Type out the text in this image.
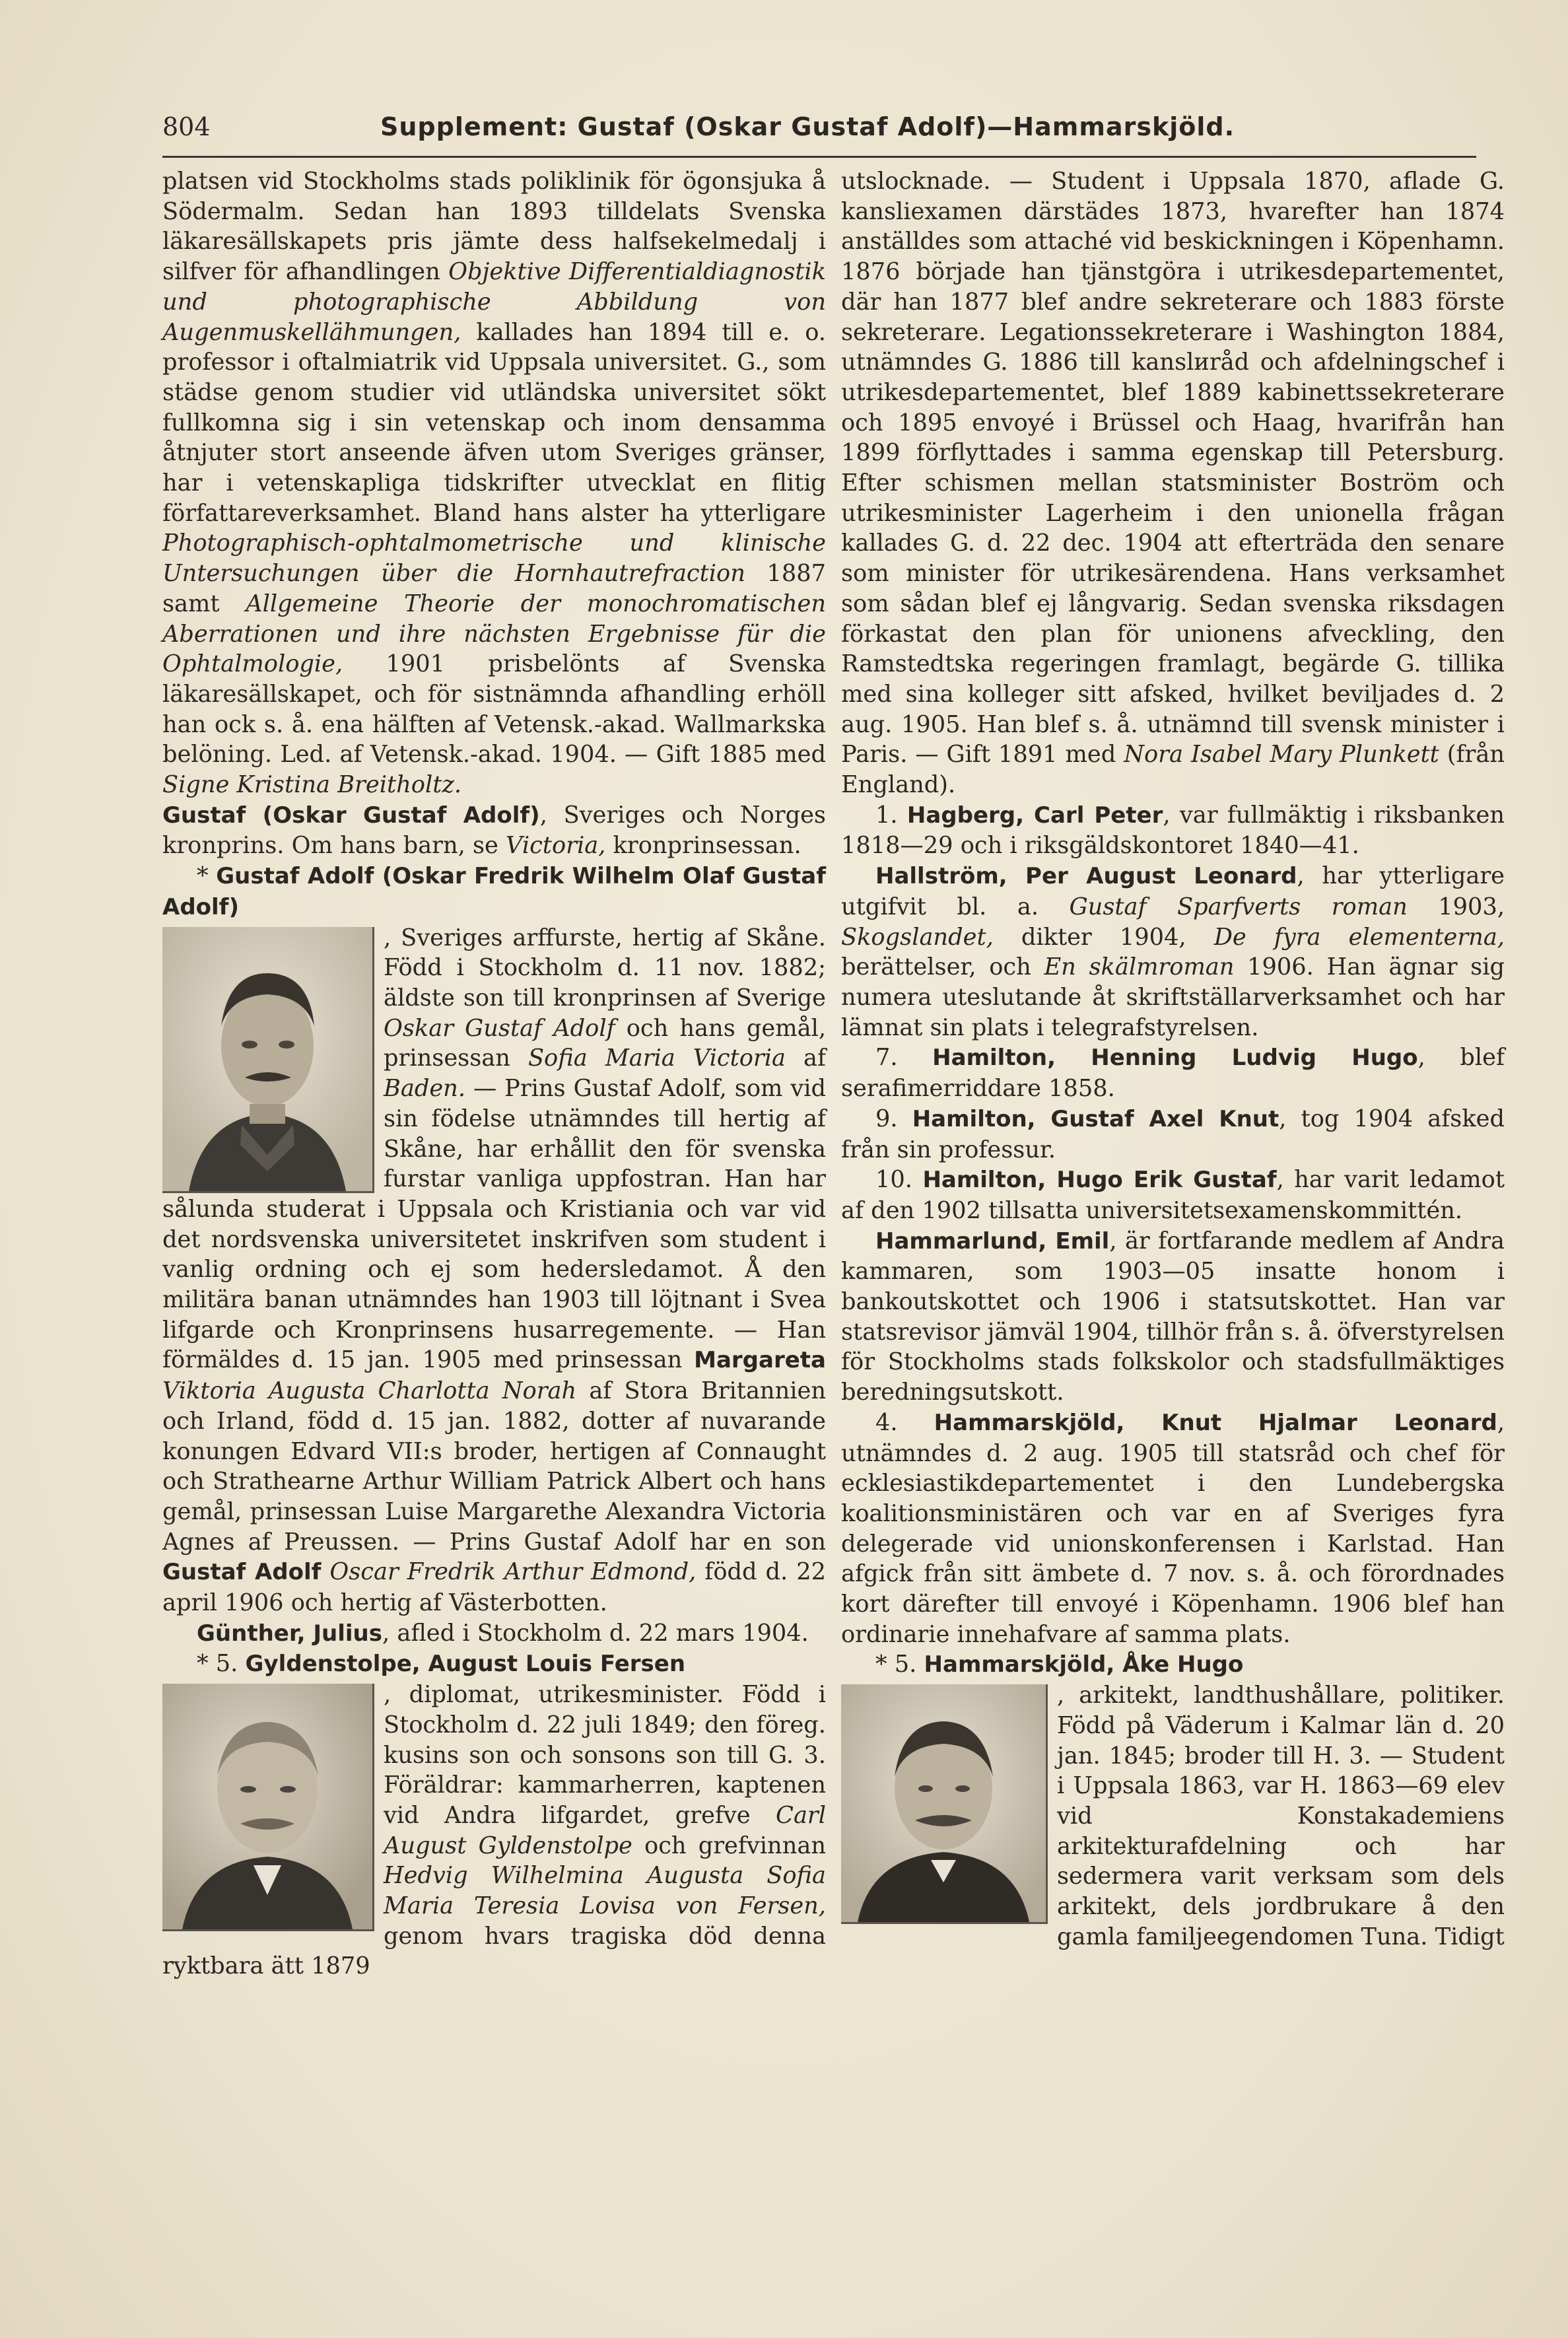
804	Supplement: Gustaf (Oskar Gustaf Adolf)—Hammarskjöld.

platsen vid Stockholms stads poliklinik för ögonsjuka å Södermalm. Sedan han 1893 tilldelats Svenska läkaresällskapets pris jämte dess halfsekelmedalj i silfver för afhandlingen Objektive Differentialdiagnostik und photographische Abbildung von Augenmuskellähmungen, kallades han 1894 till e. o. professor i oftalmiatrik vid Uppsala universitet. G., som städse genom studier vid utländska universitet sökt fullkomna sig i sin vetenskap och inom densamma åtnjuter stort anseende äfven utom Sveriges gränser, har i vetenskapliga tidskrifter utvecklat en flitig författareverksamhet. Bland hans alster ha ytterligare Photographisch-ophtalmometrische und klinische Untersuchungen über die Hornhautrefraction 1887 samt Allgemeine Theorie der monochromatischen Aberrationen und ihre nächsten Ergebnisse für die Ophtalmologie, 1901 prisbelönts af Svenska läkaresällskapet, och för sistnämnda afhandling erhöll han ock s. å. ena hälften af Vetensk.-akad. Wallmarkska belöning. Led. af Vetensk.-akad. 1904. — Gift 1885 med Signe Kristina Breitholtz.

Gustaf (Oskar Gustaf Adolf), Sveriges och Norges kronprins. Om hans barn, se Victoria, kronprinsessan.

* Gustaf Adolf (Oskar Fredrik Wilhelm Olaf Gustaf Adolf)

, Sveriges arffurste, hertig af Skåne. Född i Stockholm d. 11 nov. 1882; äldste son till kronprinsen af Sverige Oskar Gustaf Adolf och hans gemål, prinsessan Sofia Maria Victoria af Baden. — Prins Gustaf Adolf, som vid sin födelse utnämndes till hertig af Skåne, har erhållit den för svenska furstar vanliga uppfostran. Han har sålunda studerat i Uppsala och Kristiania och var vid det nordsvenska universitetet inskrifven som student i vanlig ordning och ej som hedersledamot. Å den militära banan utnämndes han 1903 till löjtnant i Svea lifgarde och Kronprinsens husarregemente. — Han förmäldes d. 15 jan. 1905 med prinsessan Margareta Viktoria Augusta Charlotta Norah af Stora Britannien och Irland, född d. 15 jan. 1882, dotter af nuvarande konungen Edvard VII:s broder, hertigen af Connaught och Strathearne Arthur William Patrick Albert och hans gemål, prinsessan Luise Margarethe Alexandra Victoria Agnes af Preussen. — Prins Gustaf Adolf har en son Gustaf Adolf Oscar Fredrik Arthur Edmond, född d. 22 april 1906 och hertig af Västerbotten.

Günther, Julius, afled i Stockholm d. 22 mars 1904.

* 5. Gyldenstolpe, August Louis Fersen

, diplomat, utrikesminister. Född i Stockholm d. 22 juli 1849; den föreg. kusins son och sonsons son till G. 3. Föräldrar: kammarherren, kaptenen vid Andra lifgardet, grefve Carl August Gyldenstolpe och grefvinnan Hedvig Wilhelmina Augusta Sofia Maria Teresia Lovisa von Fersen, genom hvars tragiska död denna ryktbara ätt 1879

utslocknade. — Student i Uppsala 1870, aflade G. kansliexamen därstädes 1873, hvarefter han 1874 anställdes som attaché vid beskickningen i Köpenhamn. 1876 började han tjänstgöra i utrikesdepartementet, där han 1877 blef andre sekreterare och 1883 förste sekreterare. Legationssekreterare i Washington 1884, utnämndes G. 1886 till kanslиråd och afdelningschef i utrikesdepartementet, blef 1889 kabinettssekreterare och 1895 envoyé i Brüssel och Haag, hvarifrån han 1899 förflyttades i samma egenskap till Petersburg. Efter schismen mellan statsminister Boström och utrikesminister Lagerheim i den unionella frågan kallades G. d. 22 dec. 1904 att efterträda den senare som minister för utrikesärendena. Hans verksamhet som sådan blef ej långvarig. Sedan svenska riksdagen förkastat den plan för unionens afveckling, den Ramstedtska regeringen framlagt, begärde G. tillika med sina kolleger sitt afsked, hvilket beviljades d. 2 aug. 1905. Han blef s. å. utnämnd till svensk minister i Paris. — Gift 1891 med Nora Isabel Mary Plunkett (från England).

1. Hagberg, Carl Peter, var fullmäktig i riksbanken 1818—29 och i riksgäldskontoret 1840—41.

Hallström, Per August Leonard, har ytterligare utgifvit bl. a. Gustaf Sparfverts roman 1903, Skogslandet, dikter 1904, De fyra elementerna, berättelser, och En skälmroman 1906. Han ägnar sig numera uteslutande åt skriftställarverksamhet och har lämnat sin plats i telegrafstyrelsen.

7. Hamilton, Henning Ludvig Hugo, blef serafimerriddare 1858.

9. Hamilton, Gustaf Axel Knut, tog 1904 afsked från sin professur.

10. Hamilton, Hugo Erik Gustaf, har varit ledamot af den 1902 tillsatta universitetsexamenskommittén.

Hammarlund, Emil, är fortfarande medlem af Andra kammaren, som 1903—05 insatte honom i bankoutskottet och 1906 i statsutskottet. Han var statsrevisor jämväl 1904, tillhör från s. å. öfverstyrelsen för Stockholms stads folkskolor och stadsfullmäktiges beredningsutskott.

4. Hammarskjöld, Knut Hjalmar Leonard, utnämndes d. 2 aug. 1905 till statsråd och chef för ecklesiastikdepartementet i den Lundebergska koalitionsministären och var en af Sveriges fyra delegerade vid unionskonferensen i Karlstad. Han afgick från sitt ämbete d. 7 nov. s. å. och förordnades kort därefter till envoyé i Köpenhamn. 1906 blef han ordinarie innehafvare af samma plats.

* 5. Hammarskjöld, Åke Hugo

, arkitekt, landthushållare, politiker. Född på Väderum i Kalmar län d. 20 jan. 1845; broder till H. 3. — Student i Uppsala 1863, var H. 1863—69 elev vid Konstakademiens arkitekturafdelning och har sedermera varit verksam som dels arkitekt, dels jordbrukare å den gamla familjeegendomen Tuna. Tidigt
